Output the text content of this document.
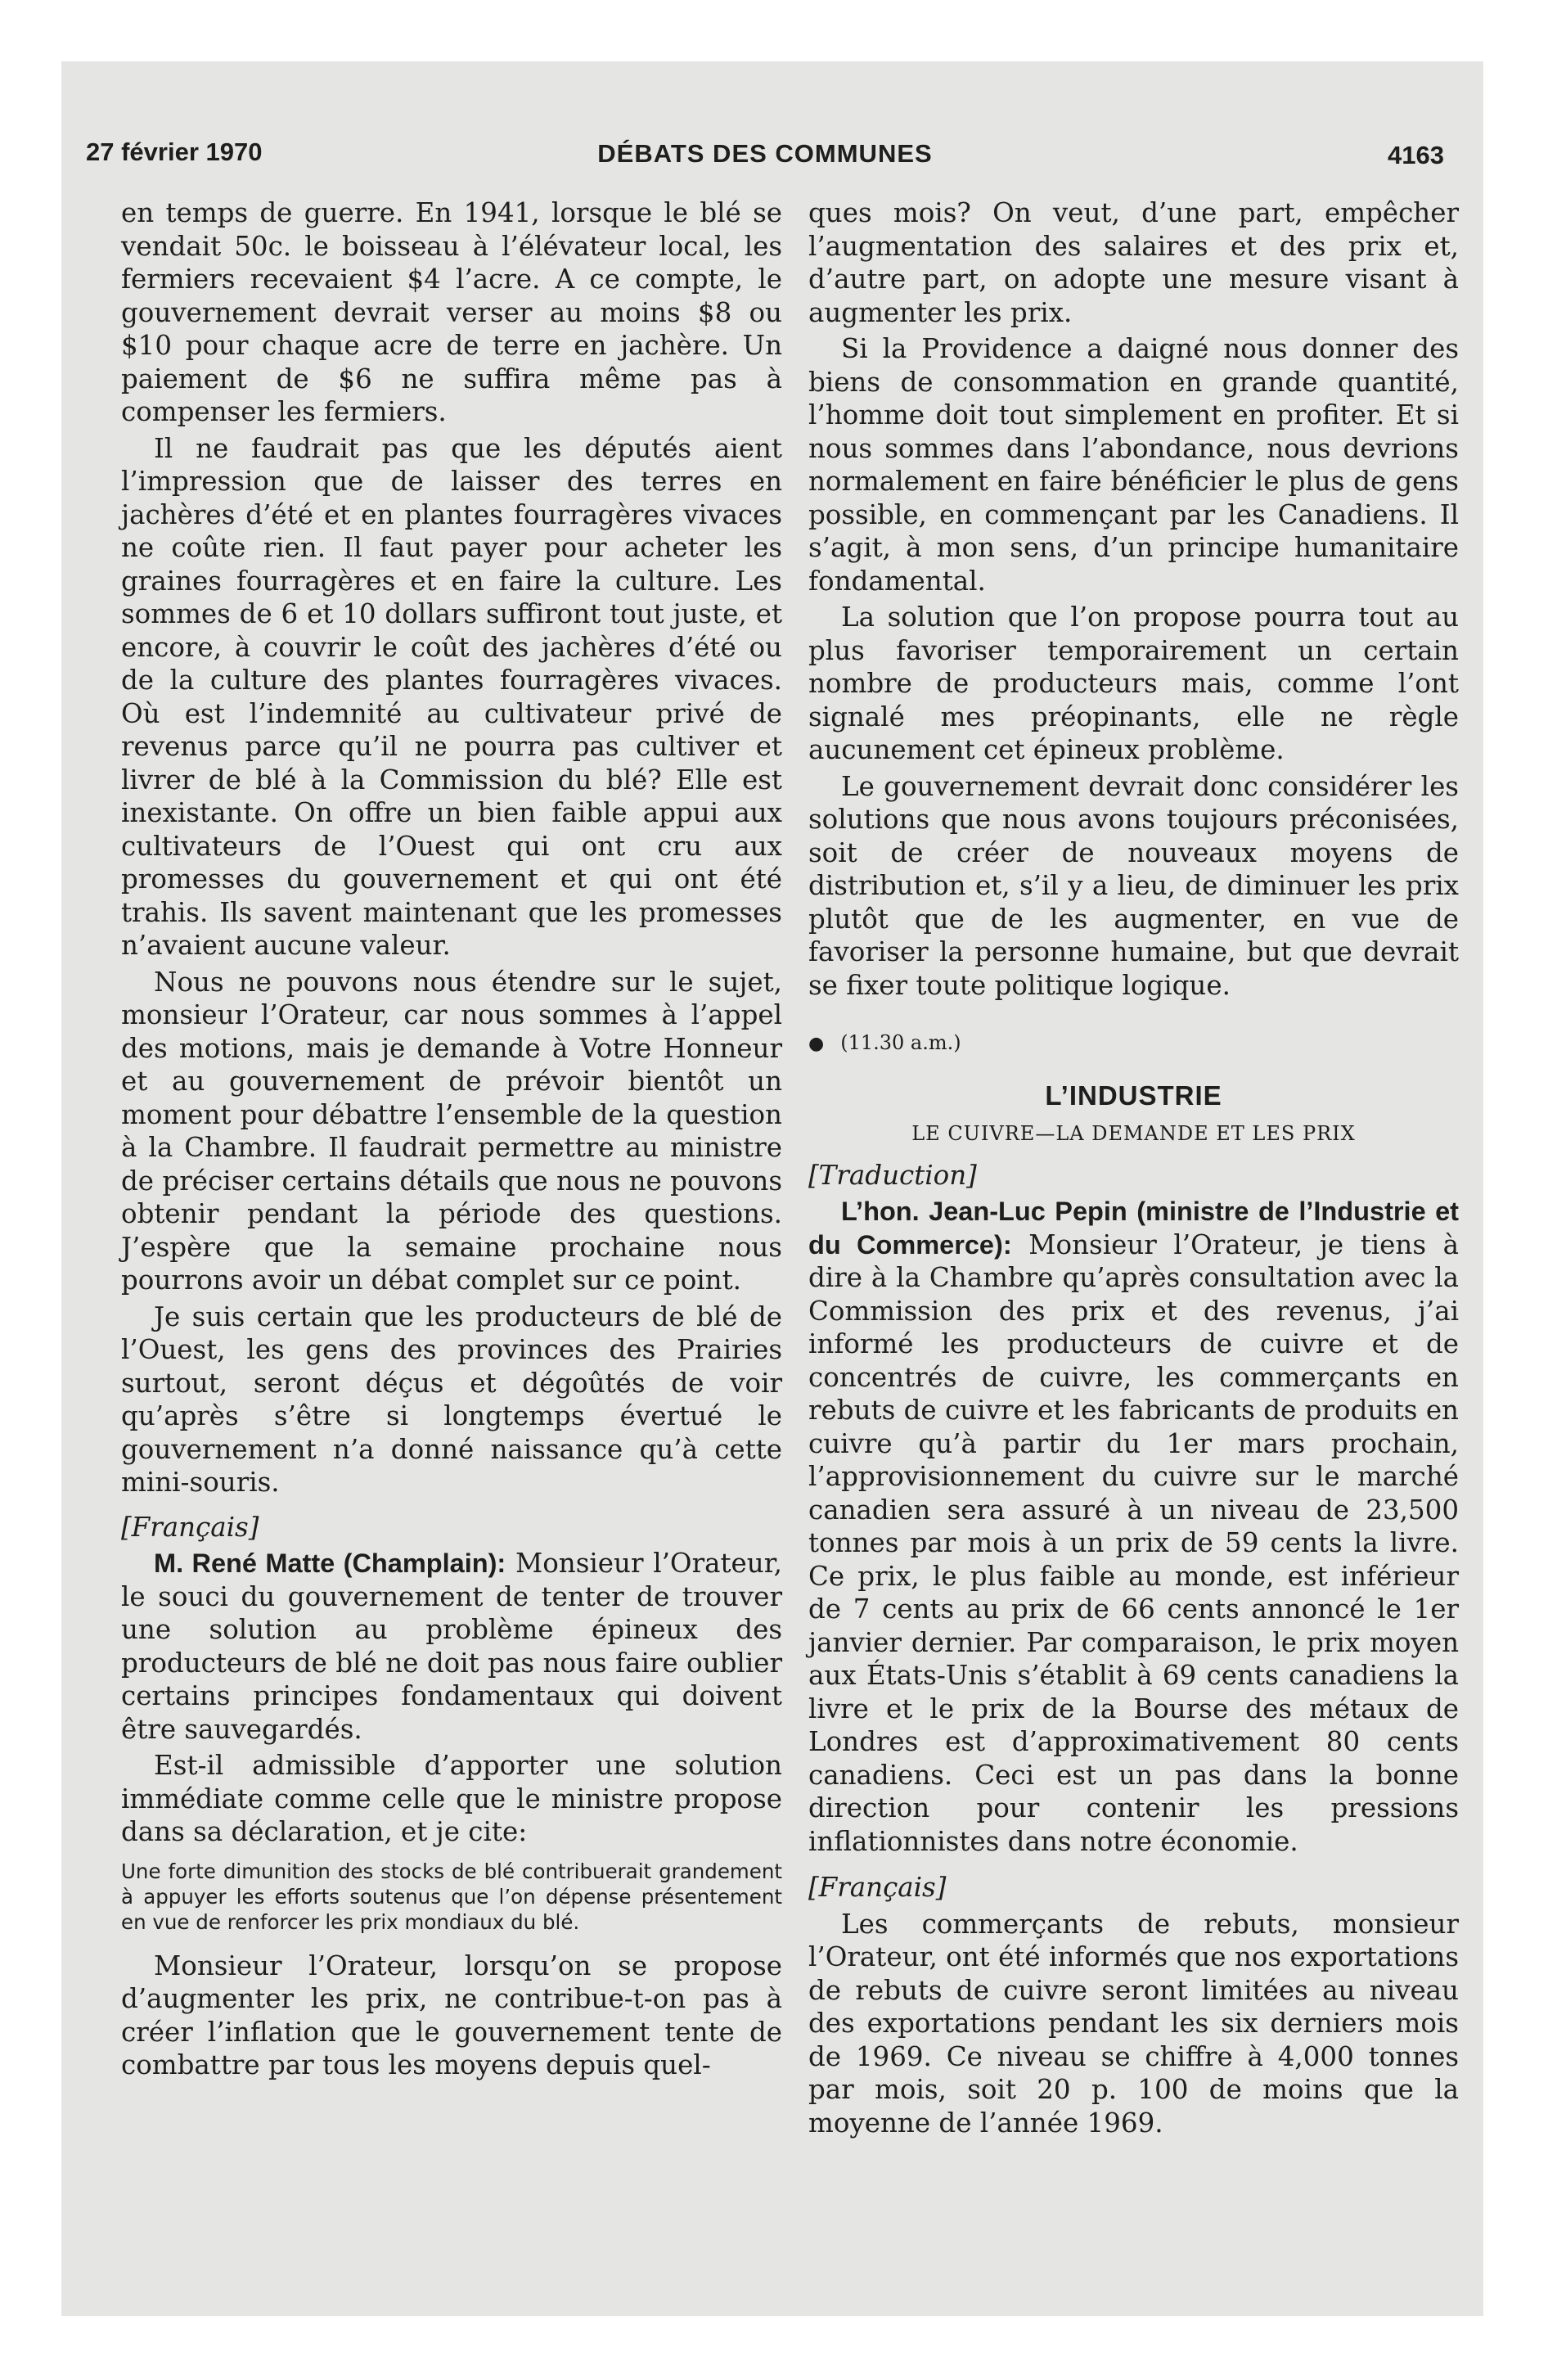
27 février 1970	DÉBATS DES COMMUNES	4163

en temps de guerre. En 1941, lorsque le blé se vendait 50c. le boisseau à l’élévateur local, les fermiers recevaient $4 l’acre. A ce compte, le gouvernement devrait verser au moins $8 ou $10 pour chaque acre de terre en jachère. Un paiement de $6 ne suffira même pas à compenser les fermiers.

Il ne faudrait pas que les députés aient l’impression que de laisser des terres en jachères d’été et en plantes fourragères vivaces ne coûte rien. Il faut payer pour acheter les graines fourragères et en faire la culture. Les sommes de 6 et 10 dollars suffiront tout juste, et encore, à couvrir le coût des jachères d’été ou de la culture des plantes fourragères vivaces. Où est l’indemnité au cultivateur privé de revenus parce qu’il ne pourra pas cultiver et livrer de blé à la Commission du blé? Elle est inexistante. On offre un bien faible appui aux cultivateurs de l’Ouest qui ont cru aux promesses du gouvernement et qui ont été trahis. Ils savent maintenant que les promesses n’avaient aucune valeur.

Nous ne pouvons nous étendre sur le sujet, monsieur l’Orateur, car nous sommes à l’appel des motions, mais je demande à Votre Honneur et au gouvernement de prévoir bientôt un moment pour débattre l’ensemble de la question à la Chambre. Il faudrait permettre au ministre de préciser certains détails que nous ne pouvons obtenir pendant la période des questions. J’espère que la semaine prochaine nous pourrons avoir un débat complet sur ce point.

Je suis certain que les producteurs de blé de l’Ouest, les gens des provinces des Prairies surtout, seront déçus et dégoûtés de voir qu’après s’être si longtemps évertué le gouvernement n’a donné naissance qu’à cette mini-souris.

[Français]

M. René Matte (Champlain): Monsieur l’Orateur, le souci du gouvernement de tenter de trouver une solution au problème épineux des producteurs de blé ne doit pas nous faire oublier certains principes fondamentaux qui doivent être sauvegardés.

Est-il admissible d’apporter une solution immédiate comme celle que le ministre propose dans sa déclaration, et je cite:

Une forte dimunition des stocks de blé contribuerait grandement à appuyer les efforts soutenus que l’on dépense présentement en vue de renforcer les prix mondiaux du blé.

Monsieur l’Orateur, lorsqu’on se propose d’augmenter les prix, ne contribue-t-on pas à créer l’inflation que le gouvernement tente de combattre par tous les moyens depuis quel-

ques mois? On veut, d’une part, empêcher l’augmentation des salaires et des prix et, d’autre part, on adopte une mesure visant à augmenter les prix.

Si la Providence a daigné nous donner des biens de consommation en grande quantité, l’homme doit tout simplement en profiter. Et si nous sommes dans l’abondance, nous devrions normalement en faire bénéficier le plus de gens possible, en commençant par les Canadiens. Il s’agit, à mon sens, d’un principe humanitaire fondamental.

La solution que l’on propose pourra tout au plus favoriser temporairement un certain nombre de producteurs mais, comme l’ont signalé mes préopinants, elle ne règle aucunement cet épineux problème.

Le gouvernement devrait donc considérer les solutions que nous avons toujours préconisées, soit de créer de nouveaux moyens de distribution et, s’il y a lieu, de diminuer les prix plutôt que de les augmenter, en vue de favoriser la personne humaine, but que devrait se fixer toute politique logique.

● (11.30 a.m.)

L’INDUSTRIE

LE CUIVRE—LA DEMANDE ET LES PRIX

[Traduction]

L’hon. Jean-Luc Pepin (ministre de l’Industrie et du Commerce): Monsieur l’Orateur, je tiens à dire à la Chambre qu’après consultation avec la Commission des prix et des revenus, j’ai informé les producteurs de cuivre et de concentrés de cuivre, les commerçants en rebuts de cuivre et les fabricants de produits en cuivre qu’à partir du 1er mars prochain, l’approvisionnement du cuivre sur le marché canadien sera assuré à un niveau de 23,500 tonnes par mois à un prix de 59 cents la livre. Ce prix, le plus faible au monde, est inférieur de 7 cents au prix de 66 cents annoncé le 1er janvier dernier. Par comparaison, le prix moyen aux États-Unis s’établit à 69 cents canadiens la livre et le prix de la Bourse des métaux de Londres est d’approximativement 80 cents canadiens. Ceci est un pas dans la bonne direction pour contenir les pressions inflationnistes dans notre économie.

[Français]

Les commerçants de rebuts, monsieur l’Orateur, ont été informés que nos exportations de rebuts de cuivre seront limitées au niveau des exportations pendant les six derniers mois de 1969. Ce niveau se chiffre à 4,000 tonnes par mois, soit 20 p. 100 de moins que la moyenne de l’année 1969.
